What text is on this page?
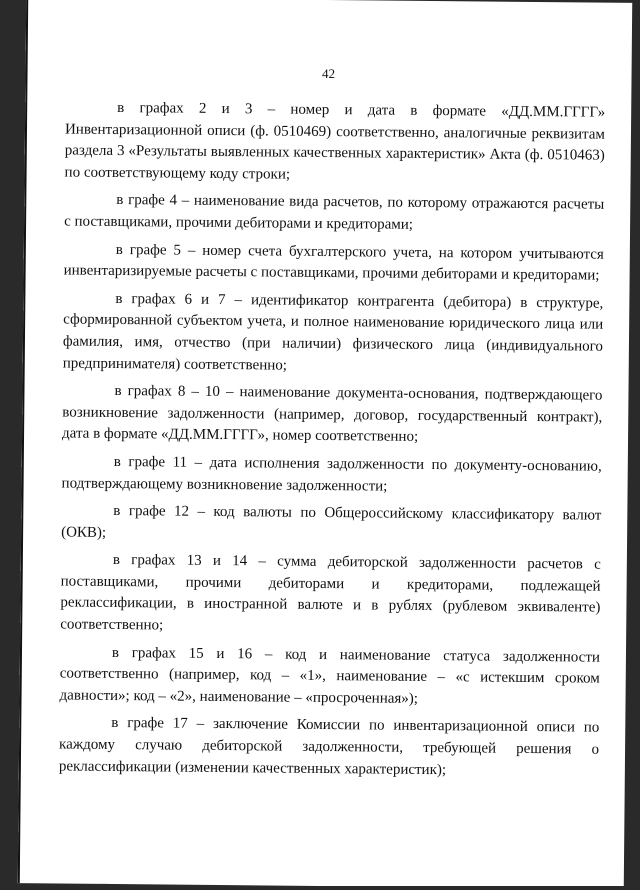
42

в графах 2 и 3 – номер и дата в формате «ДД.ММ.ГГГГ» Инвентаризационной описи (ф. 0510469) соответственно, аналогичные реквизитам раздела 3 «Результаты выявленных качественных характеристик» Акта (ф. 0510463) по соответствующему коду строки;

в графе 4 – наименование вида расчетов, по которому отражаются расчеты с поставщиками, прочими дебиторами и кредиторами;

в графе 5 – номер счета бухгалтерского учета, на котором учитываются инвентаризируемые расчеты с поставщиками, прочими дебиторами и кредиторами;

в графах 6 и 7 – идентификатор контрагента (дебитора) в структуре, сформированной субъектом учета, и полное наименование юридического лица или фамилия, имя, отчество (при наличии) физического лица (индивидуального предпринимателя) соответственно;

в графах 8 – 10 – наименование документа-основания, подтверждающего возникновение задолженности (например, договор, государственный контракт), дата в формате «ДД.ММ.ГГГГ», номер соответственно;

в графе 11 – дата исполнения задолженности по документу-основанию, подтверждающему возникновение задолженности;

в графе 12 – код валюты по Общероссийскому классификатору валют (ОКВ);

в графах 13 и 14 – сумма дебиторской задолженности расчетов с поставщиками, прочими дебиторами и кредиторами, подлежащей реклассификации, в иностранной валюте и в рублях (рублевом эквиваленте) соответственно;

в графах 15 и 16 – код и наименование статуса задолженности соответственно (например, код – «1», наименование – «с истекшим сроком давности»; код – «2», наименование – «просроченная»);

в графе 17 – заключение Комиссии по инвентаризационной описи по каждому случаю дебиторской задолженности, требующей решения о реклассификации (изменении качественных характеристик);
